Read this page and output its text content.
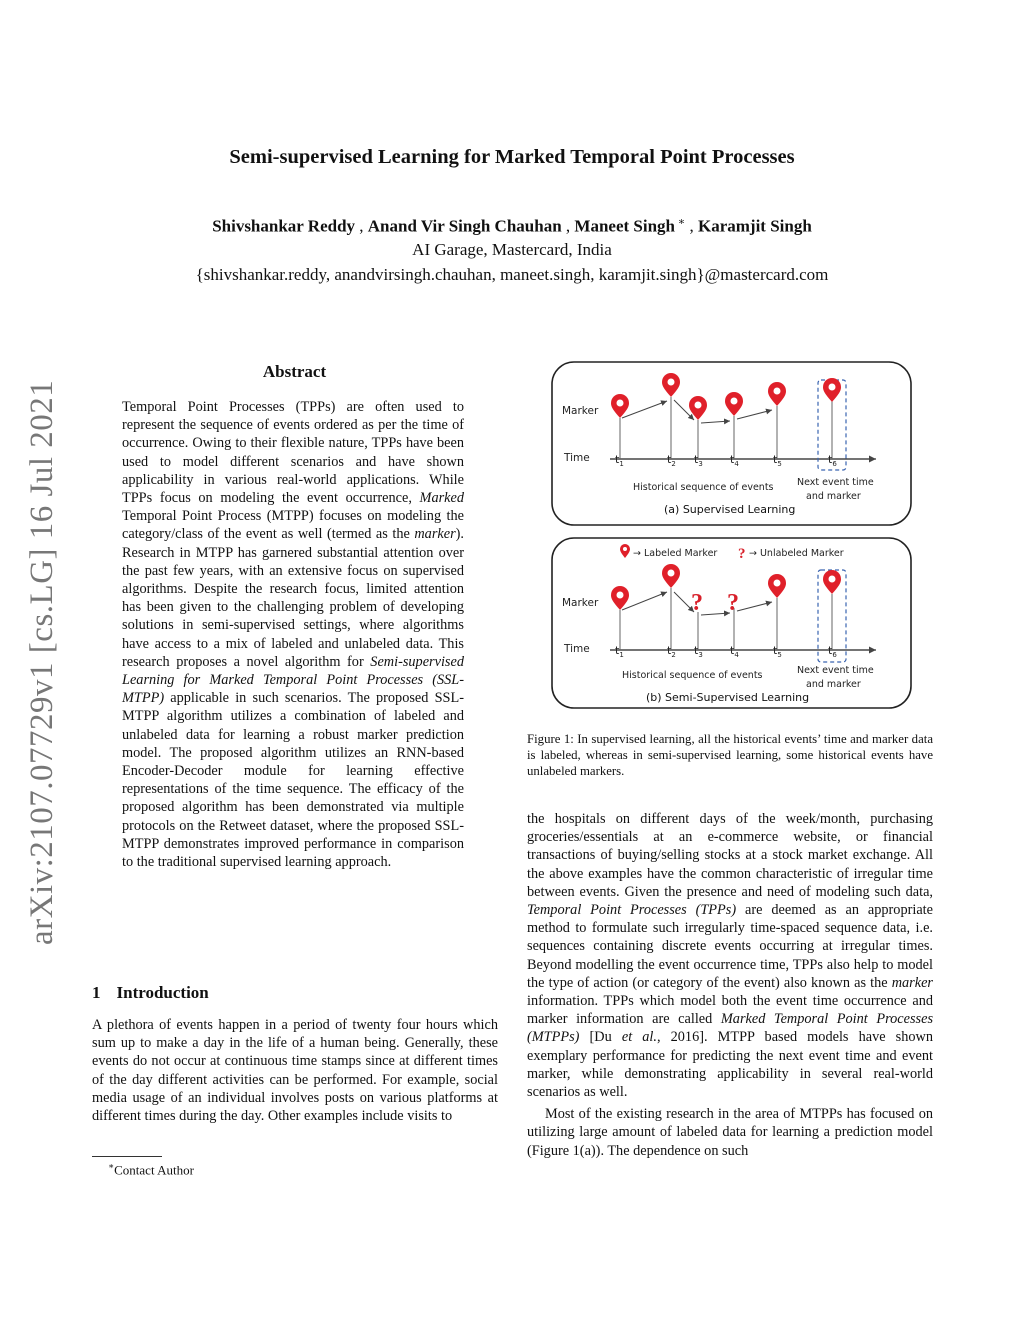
Semi-supervised Learning for Marked Temporal Point Processes
Shivshankar Reddy , Anand Vir Singh Chauhan , Maneet Singh ∗ , Karamjit Singh
AI Garage, Mastercard, India
{shivshankar.reddy, anandvirsingh.chauhan, maneet.singh, karamjit.singh}@mastercard.com
arXiv:2107.07729v1 [cs.LG] 16 Jul 2021
Abstract
Temporal Point Processes (TPPs) are often used to represent the sequence of events ordered as per the time of occurrence. Owing to their flexible nature, TPPs have been used to model different scenarios and have shown applicability in various real-world applications. While TPPs focus on modeling the event occurrence, Marked Temporal Point Process (MTPP) focuses on modeling the category/class of the event as well (termed as the marker). Research in MTPP has garnered substantial attention over the past few years, with an extensive focus on supervised algorithms. Despite the research focus, limited attention has been given to the challenging problem of developing solutions in semi-supervised settings, where algorithms have access to a mix of labeled and unlabeled data. This research proposes a novel algorithm for Semi-supervised Learning for Marked Temporal Point Processes (SSL-MTPP) applicable in such scenarios. The proposed SSL-MTPP algorithm utilizes a combination of labeled and unlabeled data for learning a robust marker prediction model. The proposed algorithm utilizes an RNN-based Encoder-Decoder module for learning effective representations of the time sequence. The efficacy of the proposed algorithm has been demonstrated via multiple protocols on the Retweet dataset, where the proposed SSL-MTPP demonstrates improved performance in comparison to the traditional supervised learning approach.
1 Introduction
A plethora of events happen in a period of twenty four hours which sum up to make a day in the life of a human being. Generally, these events do not occur at continuous time stamps since at different times of the day different activities can be performed. For example, social media usage of an individual involves posts on various platforms at different times during the day. Other examples include visits to
∗Contact Author
Marker
Time $t_1$	$t_2$ $t_3$ $t_4$	$t_5$	$t_6$
Historical sequence of events Next event time
and marker
(a) Supervised Learning
→ Labeled Marker ? → Unlabeled Marker
Marker
Time
? ?
$t_1$	$t_2$ $t_3$ $t_4$	$t_5$	$t_6$
Historical sequence of events	Next event time
and marker
(b) Semi-Supervised Learning
Figure 1: In supervised learning, all the historical events’ time and marker data is labeled, whereas in semi-supervised learning, some historical events have unlabeled markers.

the hospitals on different days of the week/month, purchasing groceries/essentials at an e-commerce website, or financial transactions of buying/selling stocks at a stock market exchange. All the above examples have the common characteristic of irregular time between events. Given the presence and need of modeling such data, Temporal Point Processes (TPPs) are deemed as an appropriate method to formulate such irregularly time-spaced sequence data, i.e. sequences containing discrete events occurring at irregular times. Beyond modelling the event occurrence time, TPPs also help to model the type of action (or category of the event) also known as the marker information. TPPs which model both the event time occurrence and marker information are called Marked Temporal Point Processes (MTPPs) [Du et al., 2016]. MTPP based models have shown exemplary performance for predicting the next event time and event marker, while demonstrating applicability in several real-world scenarios as well.

Most of the existing research in the area of MTPPs has focused on utilizing large amount of labeled data for learning a prediction model (Figure 1(a)). The dependence on such
